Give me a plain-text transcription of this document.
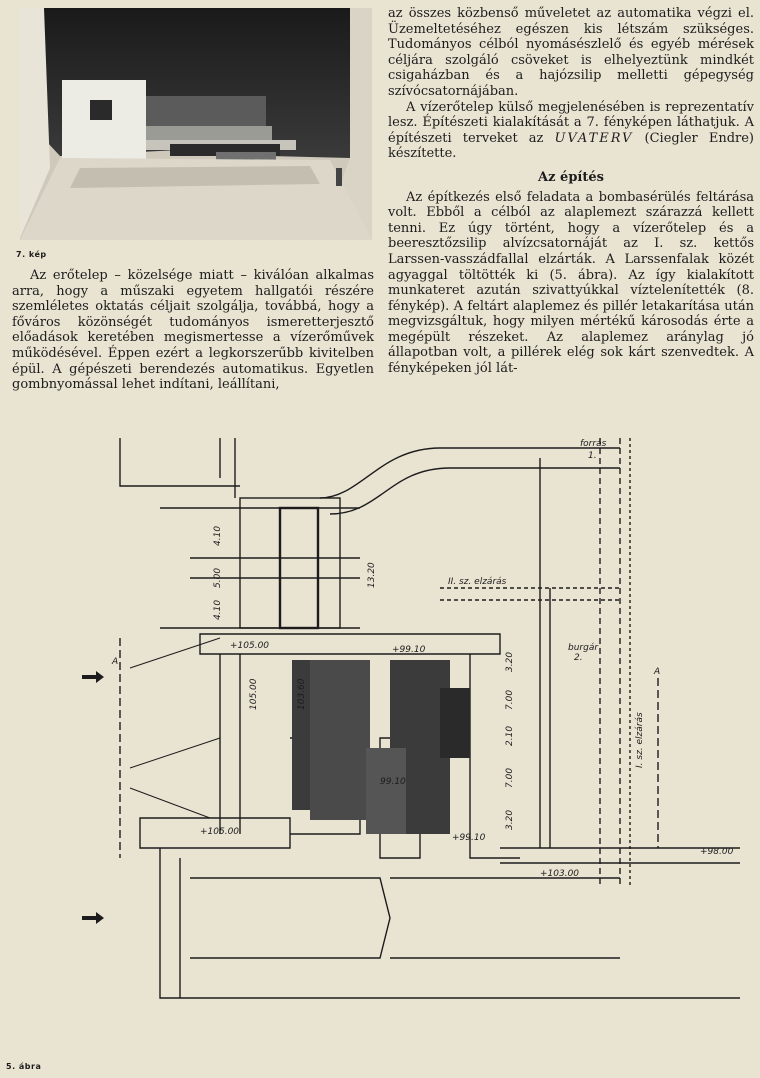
7. kép

Az erőtelep – közelsége miatt – kiválóan alkalmas arra, hogy a műszaki egyetem hallgatói részére szemléletes oktatás céljait szolgálja, továbbá, hogy a főváros közönségét tudományos ismeretterjesztő előadások keretében megismertesse a vízerőművek működésével. Éppen ezért a legkorszerűbb kivitelben épül. A gépészeti berendezés automatikus. Egyetlen gombnyomással lehet indítani, leállítani,

az összes közbenső műveletet az automatika végzi el. Üzemeltetéséhez egészen kis létszám szükséges. Tudományos célból nyomásészlelő és egyéb mérések céljára szolgáló csöveket is elhelyeztünk mindkét csigaházban és a hajózsilip melletti gépegység szívócsatornájában.

A vízerőtelep külső megjelenésében is reprezentatív lesz. Építészeti kialakítását a 7. fényképen láthatjuk. A építészeti terveket az UVATERV (Ciegler Endre) készítette.

Az építés

Az építkezés első feladata a bombasérülés feltárása volt. Ebből a célból az alaplemezt szárazzá kellett tenni. Ez úgy történt, hogy a vízerőtelep és a beeresztőzsilip alvízcsatornáját az I. sz. kettős Larssen-vasszádfallal elzárták. A Larssenfalak közét agyaggal töltötték ki (5. ábra). Az így kialakított munkateret azután szivattyúkkal víztelenítették (8. fénykép). A feltárt alaplemez és pillér letakarítása után megvizsgáltuk, hogy milyen mértékű károsodás érte a megépült részeket. Az alaplemez aránylag jó állapotban volt, a pillérek elég sok kárt szenvedtek. A fényképeken jól lát-

forrás
1.
II. sz. elzárás
burgár
2.
I. sz. elzárás
A
A
4.10
5.00
4.10
13.20
3.20
7.00
2.10
7.00
3.20
+105.00	+99.10
105.00	103.60
99.10
+105.00
+99.10
+98.00
+103.00
5. ábra
